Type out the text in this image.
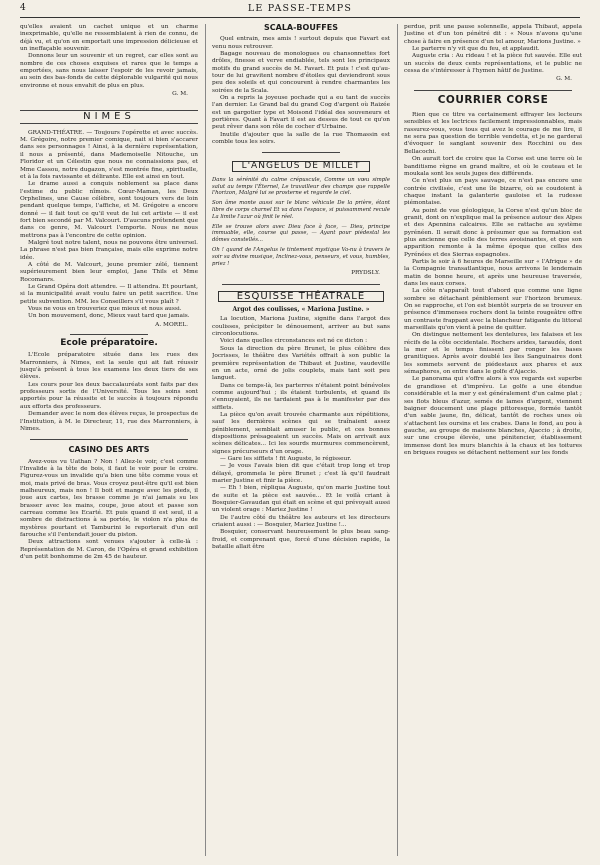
4	LE PASSE-TEMPS

qu'elles avaient un cachet unique et un charme inexprimable, qu'elle ne ressemblaient à rien de connu, de déjà vu, et qu'on en emportait une impression délicieuse et un ineffaçable souvenir.

Donnons leur un souvenir et un regret, car elles sont au nombre de ces choses exquises et rares que le temps a emportées, sans nous laisser l'espoir de les revoir jamais, au sein des bas-fonds de cette déplorable vulgarité qui nous environne et nous envahit de plus en plus.

G. M.
NIMES

GRAND-THÉATRE. — Toujours l'opérette et avec succès. M. Grégoire, notre premier comique, nait si bien s'accarer dans ses personnages ! Ainsi, à la dernière représentation, il nous a présenté, dans Mademoiselle Nitouche, un Floridor et un Célestin que nous ne connaissions pas, et Mme Cassou, notre dugazon, s'est montrée fine, spirituelle, et à la fois ravissante et délirante. Elle est ainsi en tout.

Le drame aussi a conquis noblement sa place dans l'estime du public nîmois. Cœur-Maman, les Deux Orphelines, une Cause célèbre, sont toujours vers de loin pendant quelque temps, l'affiche, et M. Grégoire a encore donné — il fait tout ce qu'il veut de lui cet artiste — il est fort bien secondé par M. Valcourt. D'aucuns prétendent que dans ce genre, M. Valcourt l'emporte. Nous ne nous mettrons pas à l'encontre de cette opinion.

Malgré tout notre talent, nous ne pouvons être universel. La phrase n'est pas bien française, mais elle exprime notre idée.

A côté de M. Valcourt, jeune premier zélé, tiennent supérieurement bien leur emploi, Jane Thils et Mme Rocomanrs.

Le Grand Opéra doit attendre. — Il attendra. Et pourtant, si la municipalité avait voulu faire un petit sacrifice. Une petite subvention. MM. les Conseillers s'il vous plaît ?

Vous ne vous en trouveriez que mieux et nous aussi.

Un bon mouvement, donc, Mieux vaut tard que jamais.

A. MOREL.
Ecole préparatoire.

L'Ecole préparatoire située dans les rues des Marronniers, à Nimes, est la seule qui ait fait réussir jusqu'à présent à tous les examens les deux tiers de ses élèves.

Les cours pour les deux baccalauréats sont faits par des professeurs sortis de l'Université. Tous les soins sont apportés pour la réussite et le succès à toujours répondu aux efforts des professeurs.

Demander avec le nom des élèves reçus, le prospectus de l'Institution, à M. le Directeur, 11, rue des Marronniers, à Nimes.

CASINO DES ARTS

Avez-vous vu Uathan ? Non ! Allez-le voir, c'est comme l'Invalide à la tête de bois, il faut le voir pour le croire. Figurez-vous un invalide qu'a bien une tête comme vous et moi, mais privé de bras. Vous croyez peut-être qu'il est bien malheureux, mais non ! Il boit et mange avec les pieds, il joue aux cartes, les brasse comme je n'ai jamais su les brasser avec les mains, coupe, joue atout et passe son carreau comme les Ecarté. Et puis quand il est seul, il a sombre de distractions à sa portée, le violon n'a plus de mystères pourtant et Tamburini le reporterait d'un œil farouche s'il l'entendait jouer du piston.

Deux attractions sont venues s'ajouter à celle-là : Représentation de M. Caron, de l'Opéra et grand exhibition d'un petit bonhomme de 2m 45 de hauteur.

SCALA-BOUFFES

Quel entrain, mes amis ! surtout depuis que Favart est venu nous retrouver.

Bagage nouveau de monologues ou chansonnettes fort drôles, finesse et verve endiablée, tels sont les principaux motifs du grand succès de M. Favart. Et puis ! c'est qu'au-tour de lui gravitent nombre d'étoiles qui deviendront sous peu des soleils et qui concourent à rendre charmantes les soirées de la Scala.

On a repris la joyeuse pochade qui a eu tant de succès l'an dernier. Le Grand bal du grand Cog d'argent où Raizée est un gargotier type et Moisond l'idéal des souveneurs et portières. Quant à Favart il est au dessus de tout ce qu'on peut rêver dans son rôle de cocher d'Urbaine.

Inutile d'ajouter que la salle de la rue Thomassin est comble tous les soirs.

L'ANGELUS DE MILLET

Dans la sérénité du calme crépuscule, Comme un vœu simple salut au temps l'Éternel, Le travailleur des champs que rappelle l'horizon, Malgré lui se prosterne et regarde le ciel.

Son âme monte aussi sur le blanc véhicule De la prière, étant libre de corps charnel Et va dans l'espace, si puissamment recule La limite l'azur où finit le réel.

Elle se trouve alors avec Dieu face à face, — Dieu, principe immuable, elle, course qui passe, — Ayant pour piédestal les dômes constellés...

Oh ! quand de l'Angelus le tintement mystique Va-nu à travers le soir sa divine musique, Inclinez-vous, penseurs, et vous, humbles, priez !

PRYDSLY.
ESQUISSE THÉATRALE
Argot des coulisses, « Mariona Justine. »

La locution, Mariona Justine, signifie dans l'argot des coulisses, précipiter le dénouement, arriver au but sans circonlocutions.

Voici dans quelles circonstances est né ce dicton :

Sous la direction du père Brunet, le plus célèbre des Jocrisses, le théâtre des Variétés offrait à son public la première représentation de Thibaut et Justine, vaudeville en un acte, orné de jolis couplets, mais tant soit peu languet.

Dans ce temps-là, les parterres n'étaient point bénévoles comme aujourd'hui ; ils étaient turbulents, et quand ils s'ennuyaient, ils ne tardaient pas à le manifester par des sifflets.

La pièce qu'on avait trouvée charmante aux répétitions, sauf les dernières scènes qui se traînaient assez péniblement, semblait amuser le public, et ces bonnes dispositions présageaient un succès. Mais on arrivait aux scènes délicates... Ici les sourds murmures commencèrent, signes précurseurs d'un orage.

— Gare les sifflets ! fit Auguste, le régisseur.

— Je vous l'avais bien dit que c'était trop long et trop délayé, grommela le père Brunet ; c'est là qu'il faudrait marier Justine et finir la pièce.

— Eh ! bien, répliqua Auguste, qu'on marie Justine tout de suite et la pièce est sauvée... Et le voilà criant à Bosquier-Gavaudan qui était en scène et qui prévoyait aussi un violent orage : Mariez Justine !

De l'autre côté du théâtre les auteurs et les directeurs criaient aussi : — Bosquier, Mariez Justine !...

Bosquier, conservant heureusement le plus beau sang-froid, et comprenant que, forcé d'une décision rapide, la bataille allait être

perdue, prit une pause solennelle, appela Thibaut, appela Justine et d'un ton pénétré dit : « Nous n'avons qu'une chose à faire en présence d'un tel amour, Marions Justine. »

Le parterre n'y vit que du feu, et applaudit.

Auguste cria : Au rideau ! et la pièce fut sauvée. Elle eut un succès de deux cents représentations, et le public ne cessa de s'intéresser à l'hymen hâtif de Justine.

G. M.
COURRIER CORSE

Rien que ce titre va certainement effrayer les lecteurs sensibles et les lectrices facilement impressionnables, mais rassurez-vous, vous tous qui avez le courage de me lire, il ne sera pas question de terrible vendetta, et je ne garderai d'évoquer le sanglant souvenir des Rocchini ou des Bellacochi.

On aurait tort de croire que la Corse est une terre où le banditisme règne en grand maître, et où le couteau et le moukala sont les seuls juges des différends.

Ce n'est plus un pays sauvage, ce n'est pas encore une contrée civilisée, c'est une île bizarre, où se coudoient à chaque instant la galanterie gauloise et la rudesse piémontaise.

Au point de vue géologique, la Corse n'est qu'un bloc de granit, dont on n'explique mal la présence autour des Alpes et des Apennins calcaires. Elle se rattache au système pyrénéen. Il serait donc à présumer que sa formation est plus ancienne que celle des terres avoisinantes, et que son apparition remonte à la même époque que celles des Pyrénées et des Sierras espagnoles.

Partis le soir à 6 heures de Marseille sur « l'Afrique » de la Compagnie transatlantique, nous arrivons le lendemain matin de bonne heure, et après une heureuse traversée, dans les eaux corses.

La côte n'apparaît tout d'abord que comme une ligne sombre se détachant péniblement sur l'horizon brumeux. On se rapproche, et l'on est bientôt surpris de se trouver en présence d'immenses rochers dont la teinte rougeâtre offre un contraste frappant avec la blancheur fatigante du littoral marseillais qu'on vient à peine de quitter.

On distingue nettement les dentelures, les falaises et les récifs de la côte occidentale. Rochers arides, taraudés, dont la mer et le temps finissent par ronger les bases granitiques. Après avoir doublé les îles Sanguinaires dont les sommets servent de piédestaux aux phares et aux sémaphores, on entre dans le golfe d'Ajaccio.

Le panorama qui s'offre alors à vos regards est superbe de grandiose et d'imprévu. Le golfe a une étendue considérable et la mer y est généralement d'un calme plat ; ses flots bleus d'azur, semés de lames d'argent, viennent baigner doucement une plage pittoresque, formée tantôt d'un sable jaune, fin, délicat, tantôt de roches unes où s'attachent les oursins et les crabes. Dans le fond, au pou à gauche, au groupe de maisons blanches, Ajaccio ; à droite, sur une croupe élevée, une pénitencier, établissement immense dont les murs blanchis à la chaux et les toitures en briques rouges se détachent nettement sur les fonds
